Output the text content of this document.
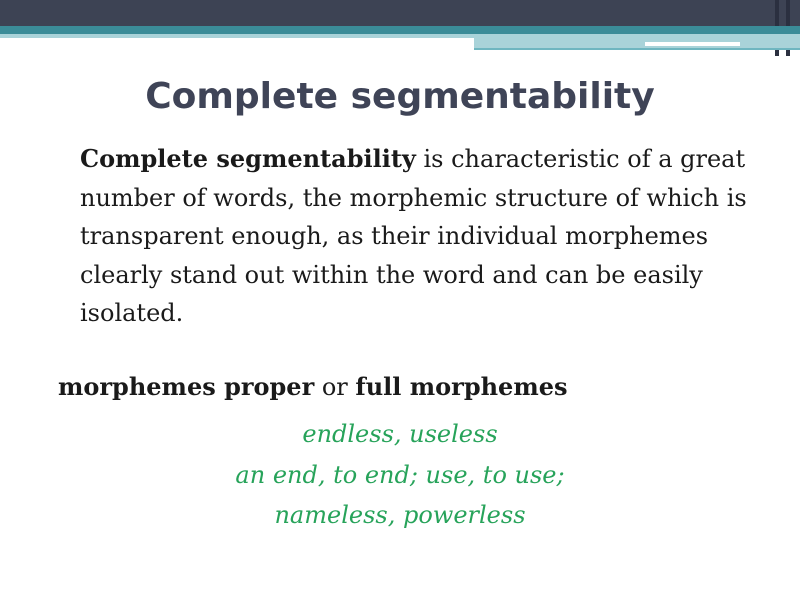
Complete segmentability

Complete segmentability is characteristic of a great number of words, the morphemic structure of which is transparent enough, as their individual morphemes clearly stand out within the word and can be easily isolated.

morphemes proper or full morphemes

endless, useless
an end, to end; use, to use;
nameless, powerless
